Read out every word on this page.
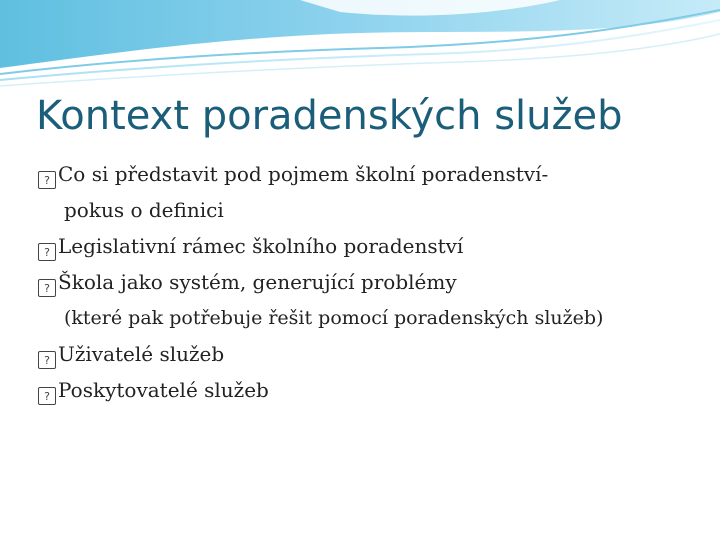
Kontext poradenských služeb
? Co si představit pod pojmem školní poradenství-
pokus o definici
? Legislativní rámec školního poradenství
? Škola jako systém, generující problémy
(které pak potřebuje řešit pomocí poradenských služeb)
? Uživatelé služeb
? Poskytovatelé služeb
